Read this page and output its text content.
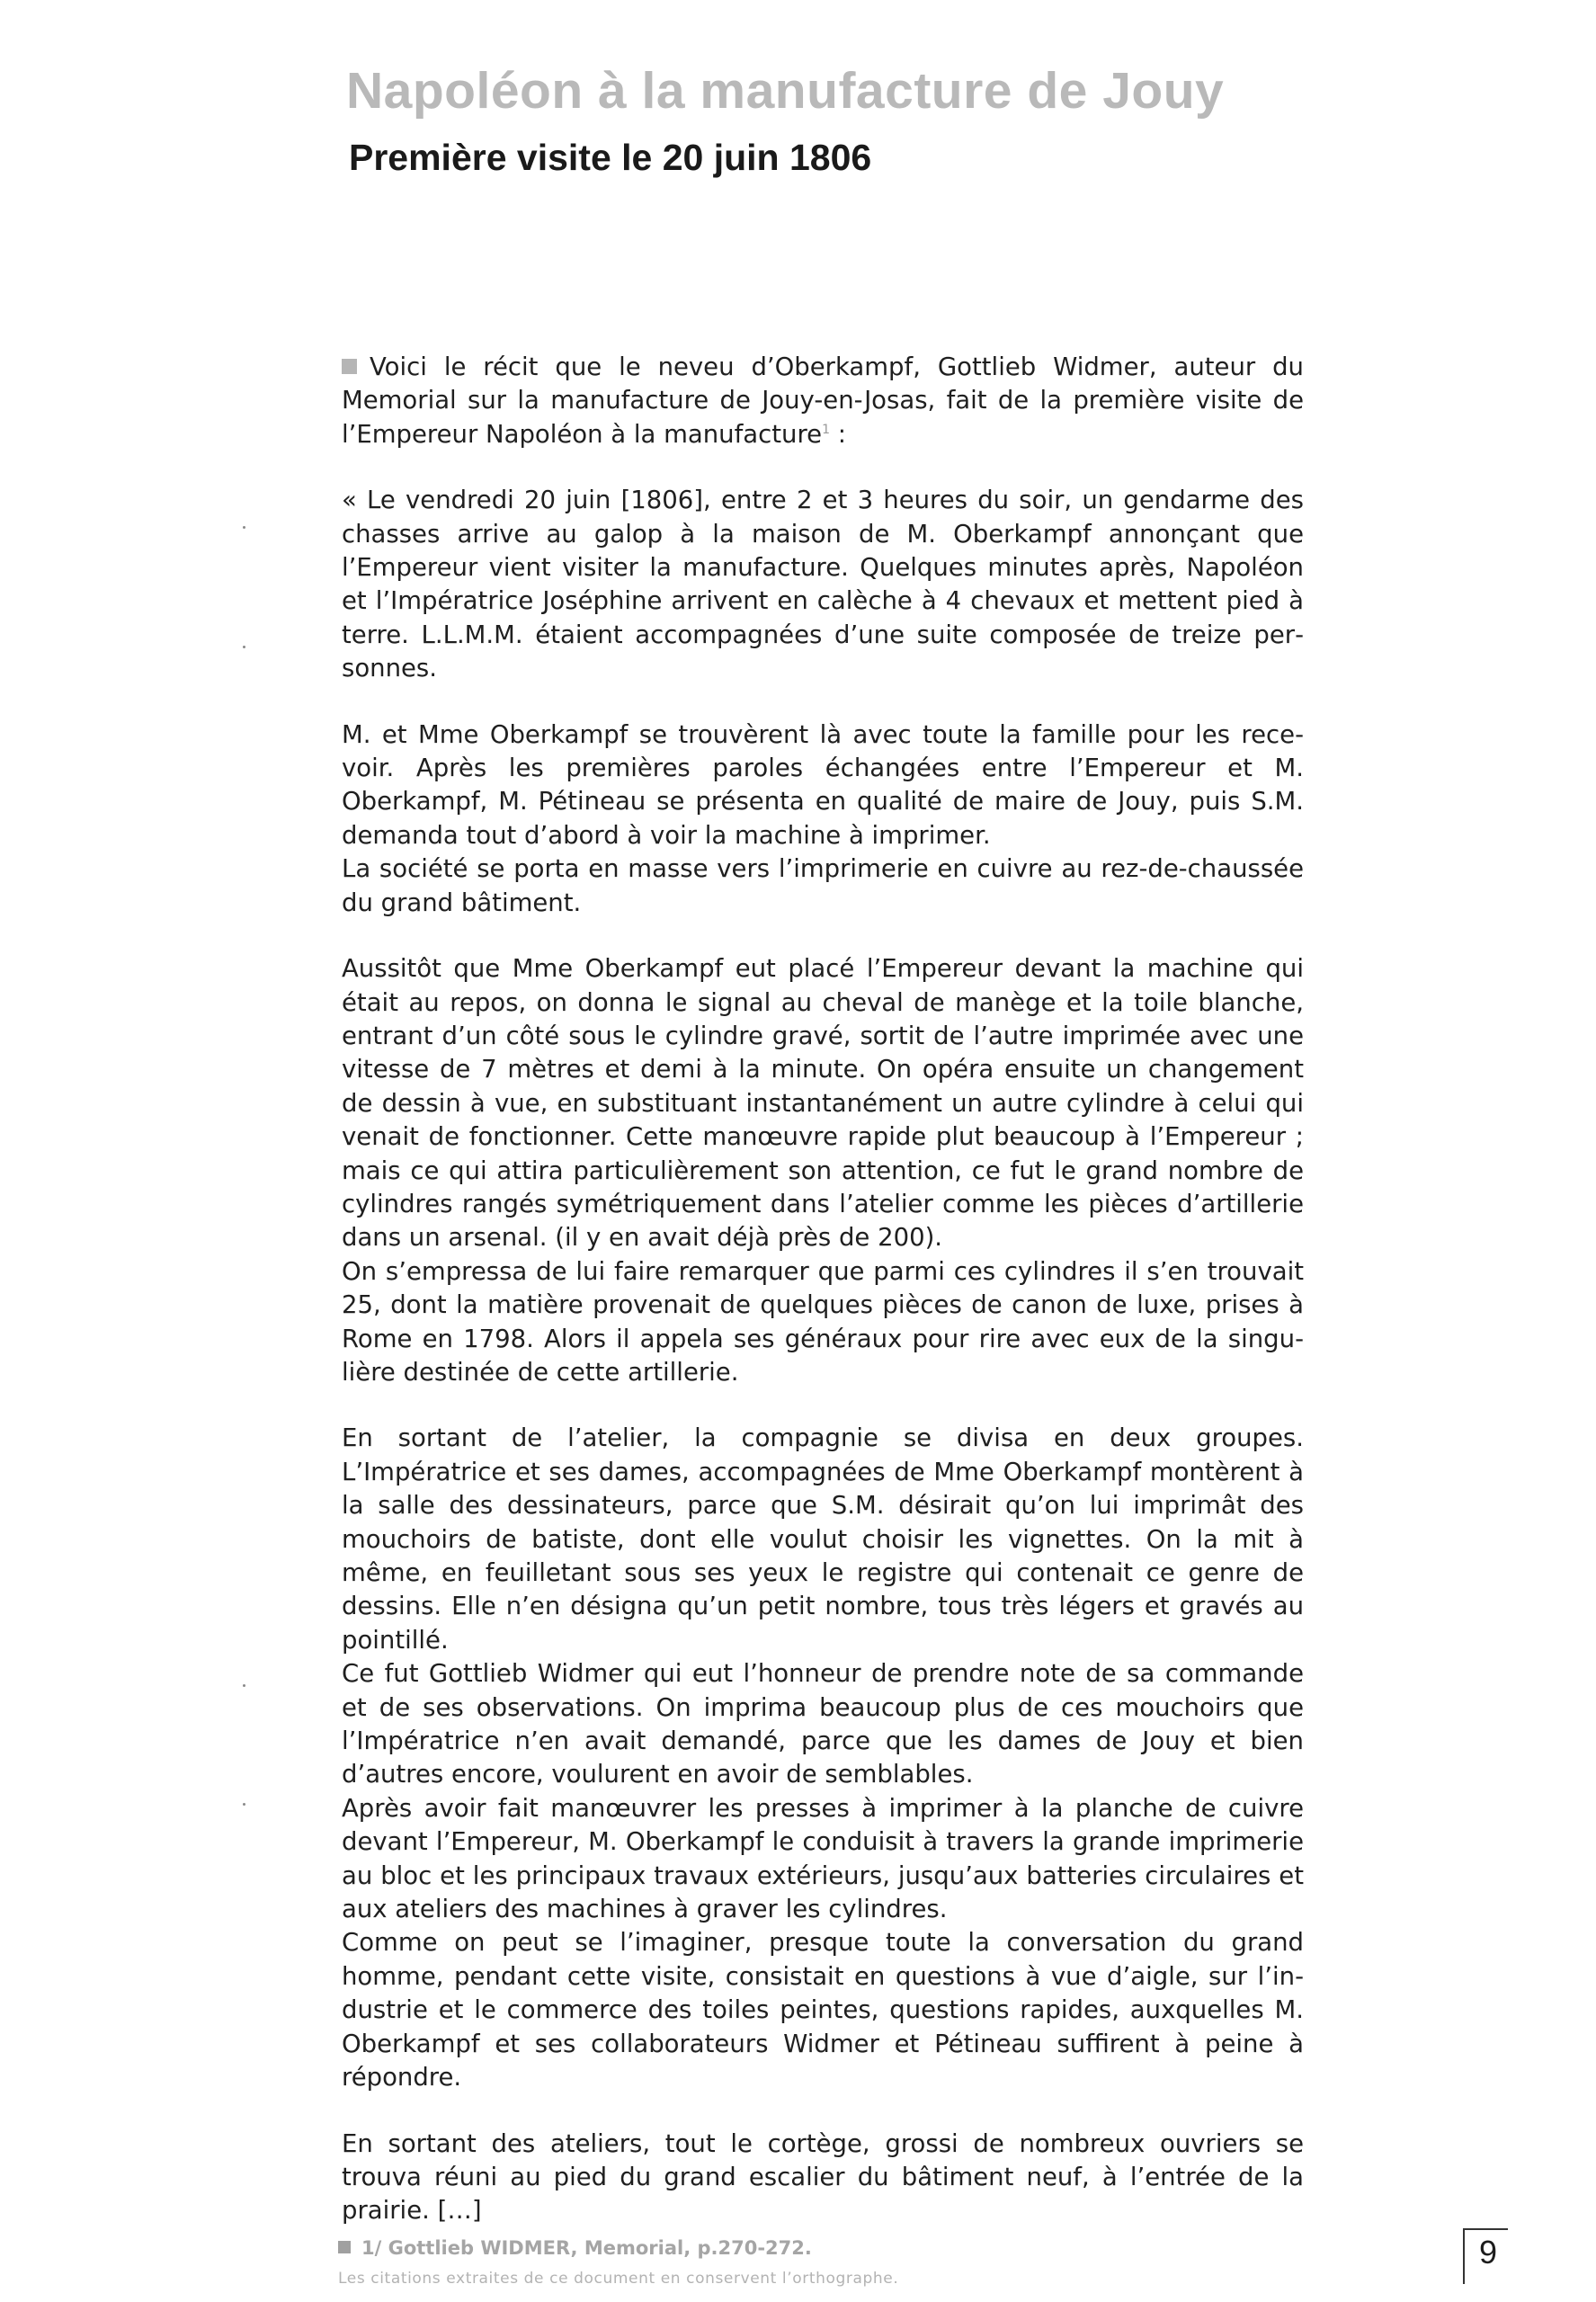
Napoléon à la manufacture de Jouy
Première visite le 20 juin 1806

Voici le récit que le neveu d’Oberkampf, Gottlieb Widmer, auteur du Memorial sur la manufacture de Jouy-en-Josas, fait de la première visite de l’Empereur Napoléon à la manufacture$^1$ :

« Le vendredi 20 juin [1806], entre 2 et 3 heures du soir, un gendarme des chasses arrive au galop à la maison de M. Oberkampf annonçant que l’Empereur vient visiter la manufacture. Quelques minutes après, Napoléon et l’Impératrice Joséphine arrivent en calèche à 4 chevaux et mettent pied à terre. L.L.M.M. étaient accompagnées d’une suite composée de treize personnes.

M. et Mme Oberkampf se trouvèrent là avec toute la famille pour les recevoir. Après les premières paroles échangées entre l’Empereur et M. Oberkampf, M. Pétineau se présenta en qualité de maire de Jouy, puis S.M. demanda tout d’abord à voir la machine à imprimer.

La société se porta en masse vers l’imprimerie en cuivre au rez-de-chaussée du grand bâtiment.

Aussitôt que Mme Oberkampf eut placé l’Empereur devant la machine qui était au repos, on donna le signal au cheval de manège et la toile blanche, entrant d’un côté sous le cylindre gravé, sortit de l’autre imprimée avec une vitesse de 7 mètres et demi à la minute. On opéra ensuite un changement de dessin à vue, en substituant instantanément un autre cylindre à celui qui venait de fonctionner. Cette manœuvre rapide plut beaucoup à l’Empereur ; mais ce qui attira particulièrement son attention, ce fut le grand nombre de cylindres rangés symétriquement dans l’atelier comme les pièces d’artillerie dans un arsenal. (il y en avait déjà près de 200).

On s’empressa de lui faire remarquer que parmi ces cylindres il s’en trouvait 25, dont la matière provenait de quelques pièces de canon de luxe, prises à Rome en 1798. Alors il appela ses généraux pour rire avec eux de la singulière destinée de cette artillerie.

En sortant de l’atelier, la compagnie se divisa en deux groupes. L’Impératrice et ses dames, accompagnées de Mme Oberkampf montèrent à la salle des dessinateurs, parce que S.M. désirait qu’on lui imprimât des mouchoirs de batiste, dont elle voulut choisir les vignettes. On la mit à même, en feuilletant sous ses yeux le registre qui contenait ce genre de dessins. Elle n’en désigna qu’un petit nombre, tous très légers et gravés au pointillé.

Ce fut Gottlieb Widmer qui eut l’honneur de prendre note de sa commande et de ses observations. On imprima beaucoup plus de ces mouchoirs que l’Impératrice n’en avait demandé, parce que les dames de Jouy et bien d’autres encore, voulurent en avoir de semblables.

Après avoir fait manœuvrer les presses à imprimer à la planche de cuivre devant l’Empereur, M. Oberkampf le conduisit à travers la grande imprimerie au bloc et les principaux travaux extérieurs, jusqu’aux batteries circulaires et aux ateliers des machines à graver les cylindres.

Comme on peut se l’imaginer, presque toute la conversation du grand homme, pendant cette visite, consistait en questions à vue d’aigle, sur l’industrie et le commerce des toiles peintes, questions rapides, auxquelles M. Oberkampf et ses collaborateurs Widmer et Pétineau suffirent à peine à répondre.

En sortant des ateliers, tout le cortège, grossi de nombreux ouvriers se trouva réuni au pied du grand escalier du bâtiment neuf, à l’entrée de la prairie. […]

1/ Gottlieb WIDMER, Memorial, p.270-272.
Les citations extraites de ce document en conservent l’orthographe.
9
